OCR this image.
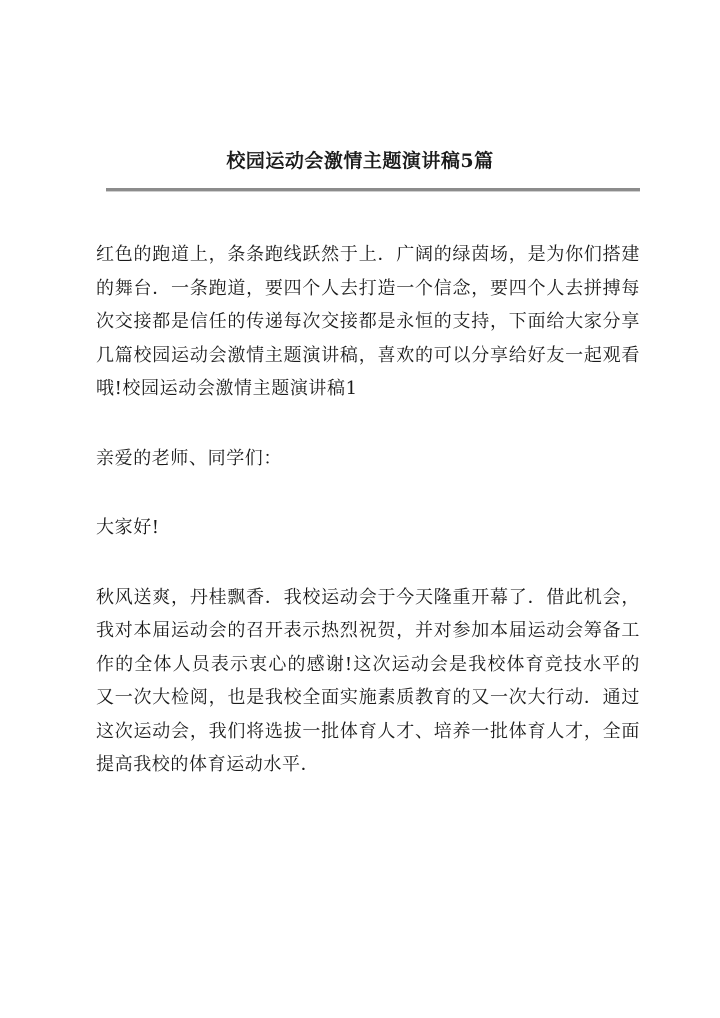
校园运动会激情主题演讲稿5篇

红色的跑道上，条条跑线跃然于上．广阔的绿茵场，是为你们搭建的舞台．一条跑道，要四个人去打造一个信念，要四个人去拼搏每次交接都是信任的传递每次交接都是永恒的支持，下面给大家分享几篇校园运动会激情主题演讲稿，喜欢的可以分享给好友一起观看哦!校园运动会激情主题演讲稿1

亲爱的老师、同学们：

大家好!

秋风送爽，丹桂飘香．我校运动会于今天隆重开幕了．借此机会，我对本届运动会的召开表示热烈祝贺，并对参加本届运动会筹备工作的全体人员表示衷心的感谢!这次运动会是我校体育竞技水平的又一次大检阅，也是我校全面实施素质教育的又一次大行动．通过这次运动会，我们将选拔一批体育人才、培养一批体育人才，全面提高我校的体育运动水平．
